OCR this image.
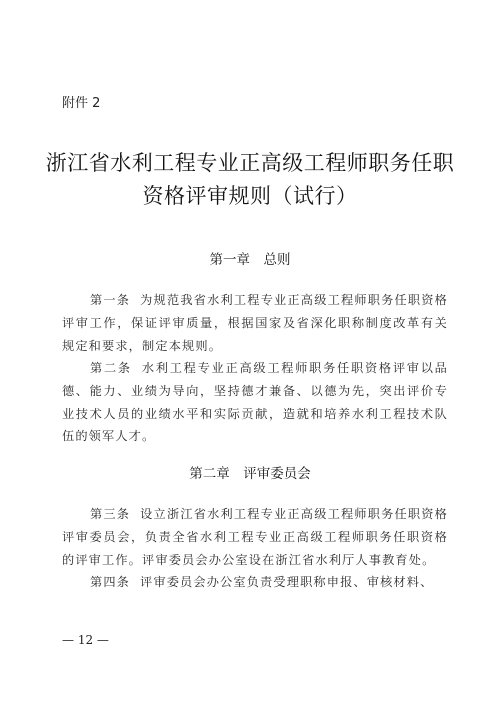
附件 2
浙江省水利工程专业正高级工程师职务任职
资格评审规则（试行）
第一章　总则

第一条 为规范我省水利工程专业正高级工程师职务任职资格评审工作，保证评审质量，根据国家及省深化职称制度改革有关规定和要求，制定本规则。

第二条 水利工程专业正高级工程师职务任职资格评审以品德、能力、业绩为导向，坚持德才兼备、以德为先，突出评价专业技术人员的业绩水平和实际贡献，造就和培养水利工程技术队伍的领军人才。

第二章　评审委员会

第三条 设立浙江省水利工程专业正高级工程师职务任职资格评审委员会，负责全省水利工程专业正高级工程师职务任职资格的评审工作。评审委员会办公室设在浙江省水利厅人事教育处。

第四条 评审委员会办公室负责受理职称申报、审核材料、

— 12 —
